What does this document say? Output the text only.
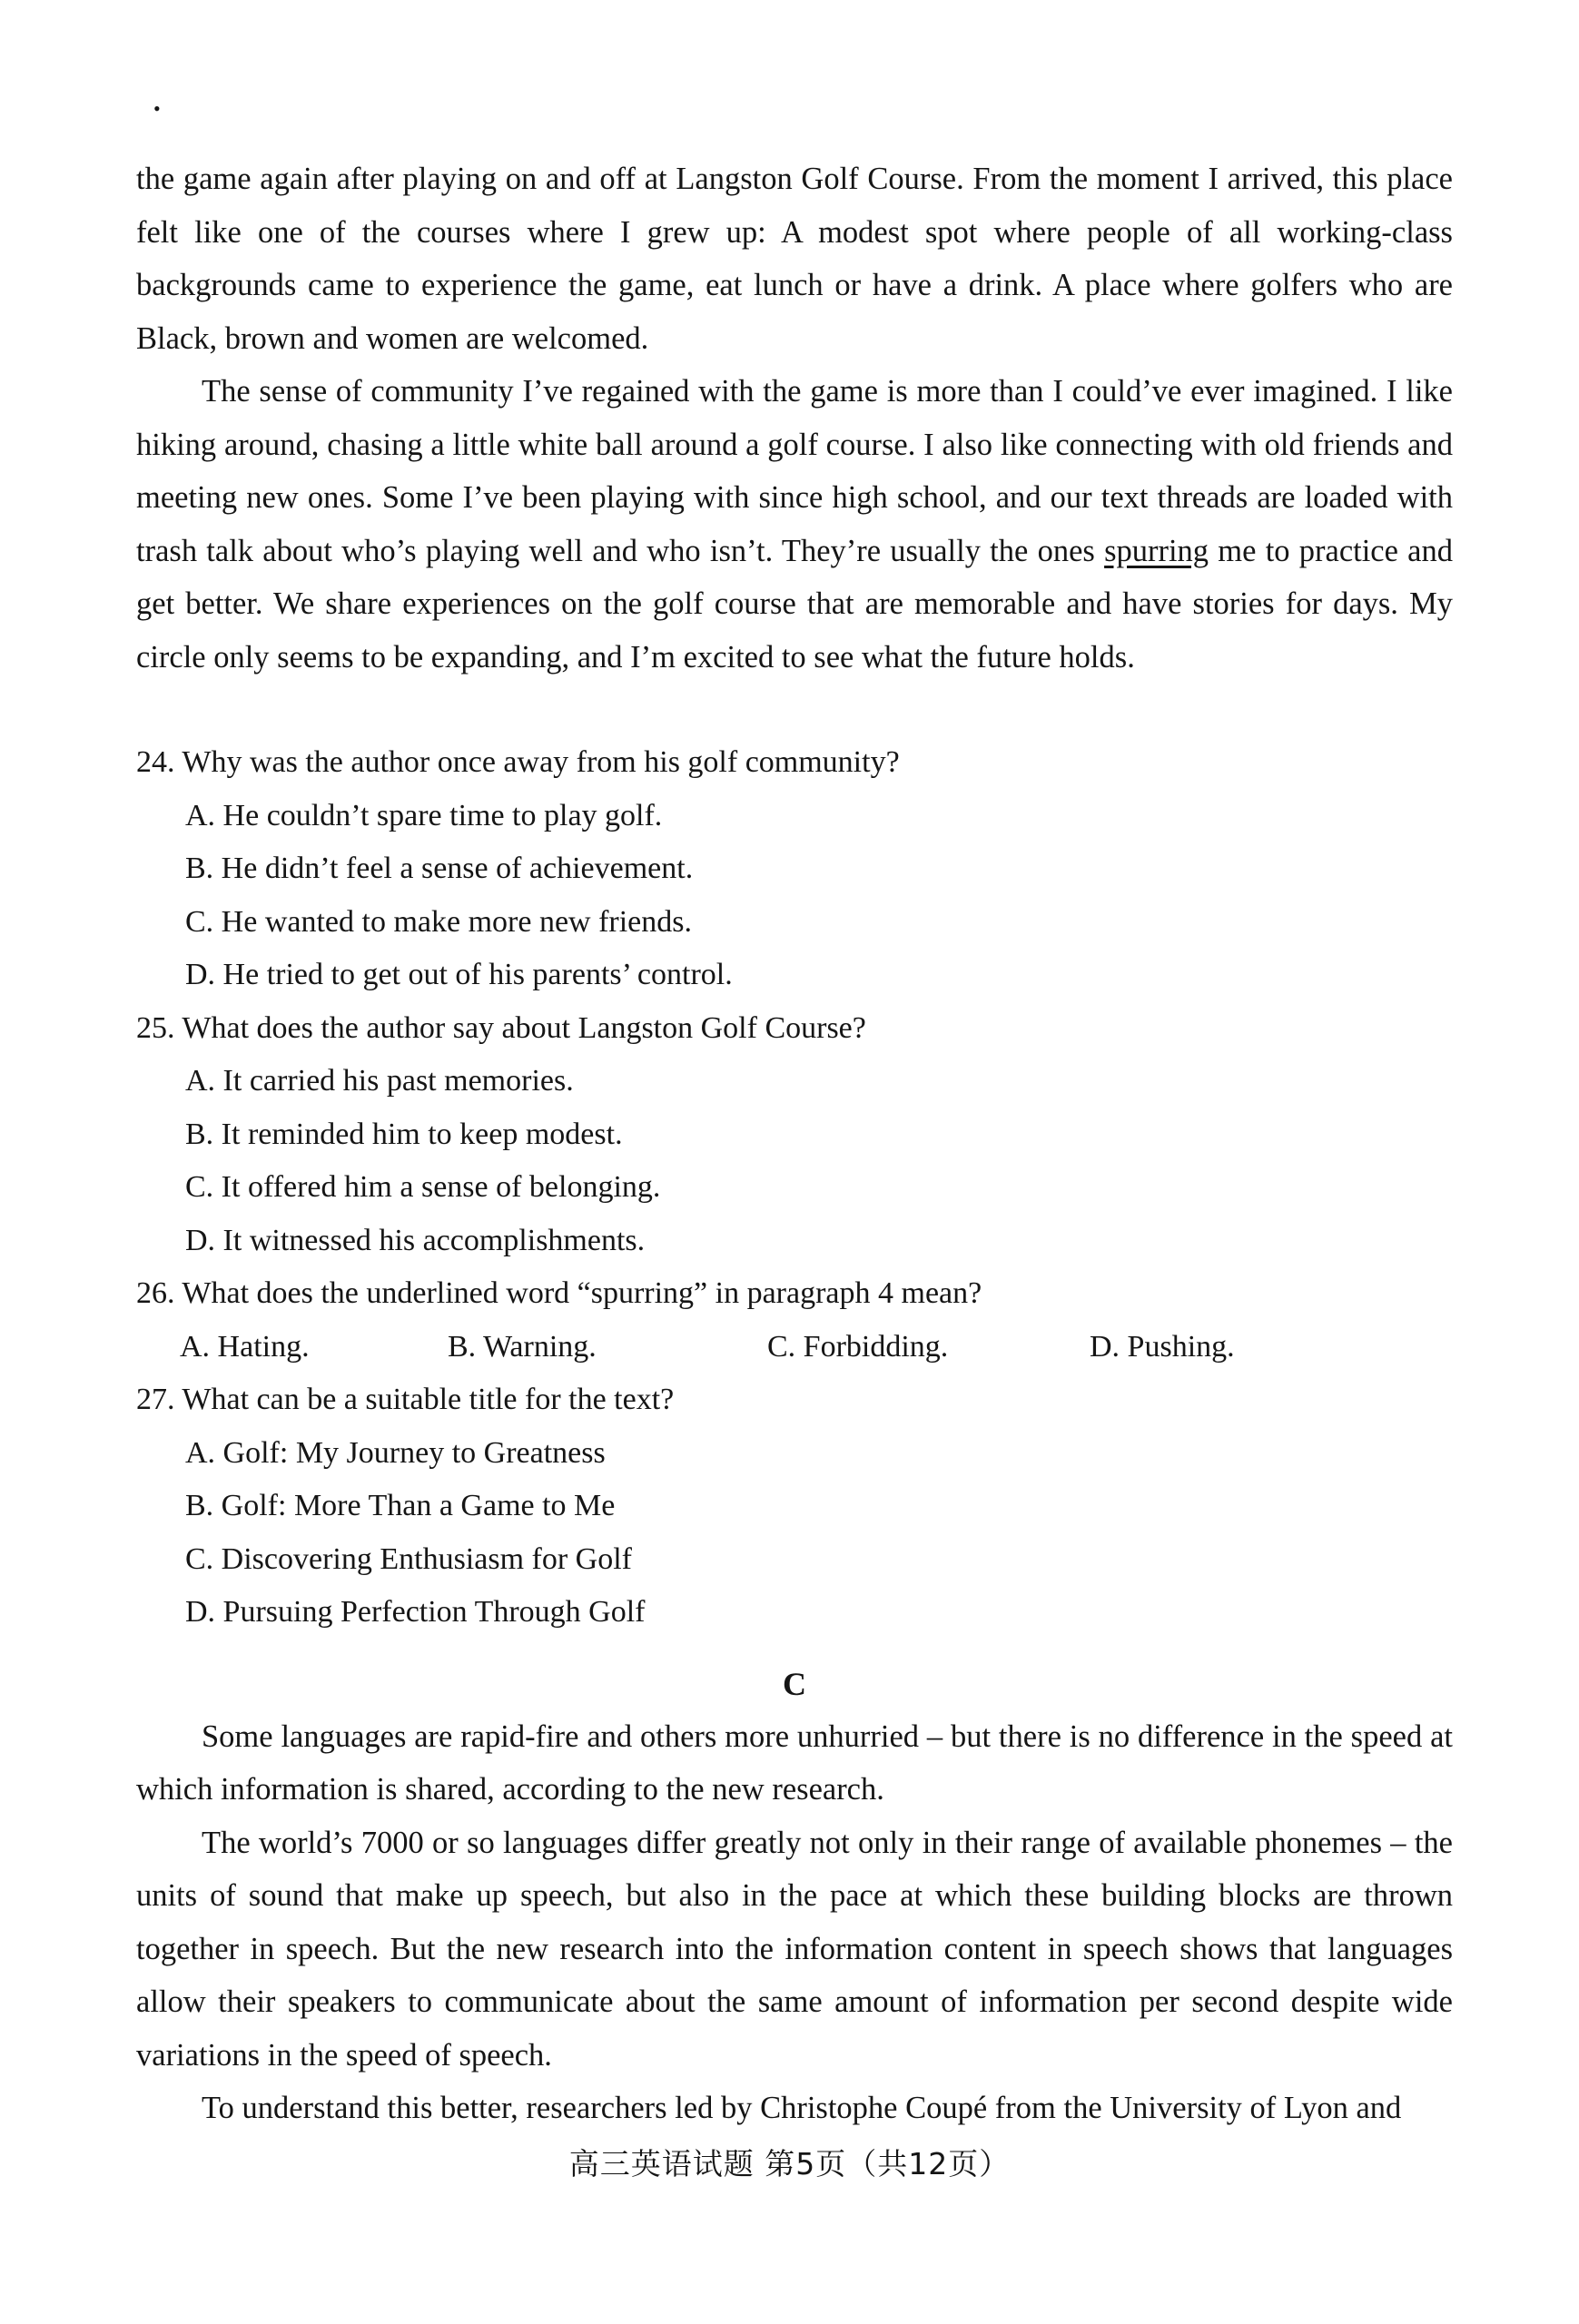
•

the game again after playing on and off at Langston Golf Course. From the moment I arrived, this place felt like one of the courses where I grew up: A modest spot where people of all working-class backgrounds came to experience the game, eat lunch or have a drink. A place where golfers who are Black, brown and women are welcomed.

The sense of community I’ve regained with the game is more than I could’ve ever imagined. I like hiking around, chasing a little white ball around a golf course. I also like connecting with old friends and meeting new ones. Some I’ve been playing with since high school, and our text threads are loaded with trash talk about who’s playing well and who isn’t. They’re usually the ones spurring me to practice and get better. We share experiences on the golf course that are memorable and have stories for days. My circle only seems to be expanding, and I’m excited to see what the future holds.

24. Why was the author once away from his golf community?

A. He couldn’t spare time to play golf.

B. He didn’t feel a sense of achievement.

C. He wanted to make more new friends.

D. He tried to get out of his parents’ control.

25. What does the author say about Langston Golf Course?

A. It carried his past memories.

B. It reminded him to keep modest.

C. It offered him a sense of belonging.

D. It witnessed his accomplishments.

26. What does the underlined word “spurring” in paragraph 4 mean?

A. Hating.	B. Warning.	C. Forbidding.	D. Pushing.

27. What can be a suitable title for the text?

A. Golf: My Journey to Greatness

B. Golf: More Than a Game to Me

C. Discovering Enthusiasm for Golf

D. Pursuing Perfection Through Golf

C

Some languages are rapid-fire and others more unhurried – but there is no difference in the speed at which information is shared, according to the new research.

The world’s 7000 or so languages differ greatly not only in their range of available phonemes – the units of sound that make up speech, but also in the pace at which these building blocks are thrown together in speech. But the new research into the information content in speech shows that languages allow their speakers to communicate about the same amount of information per second despite wide variations in the speed of speech.

To understand this better, researchers led by Christophe Coupé from the University of Lyon and

高三英语试题 第5页（共12页）
